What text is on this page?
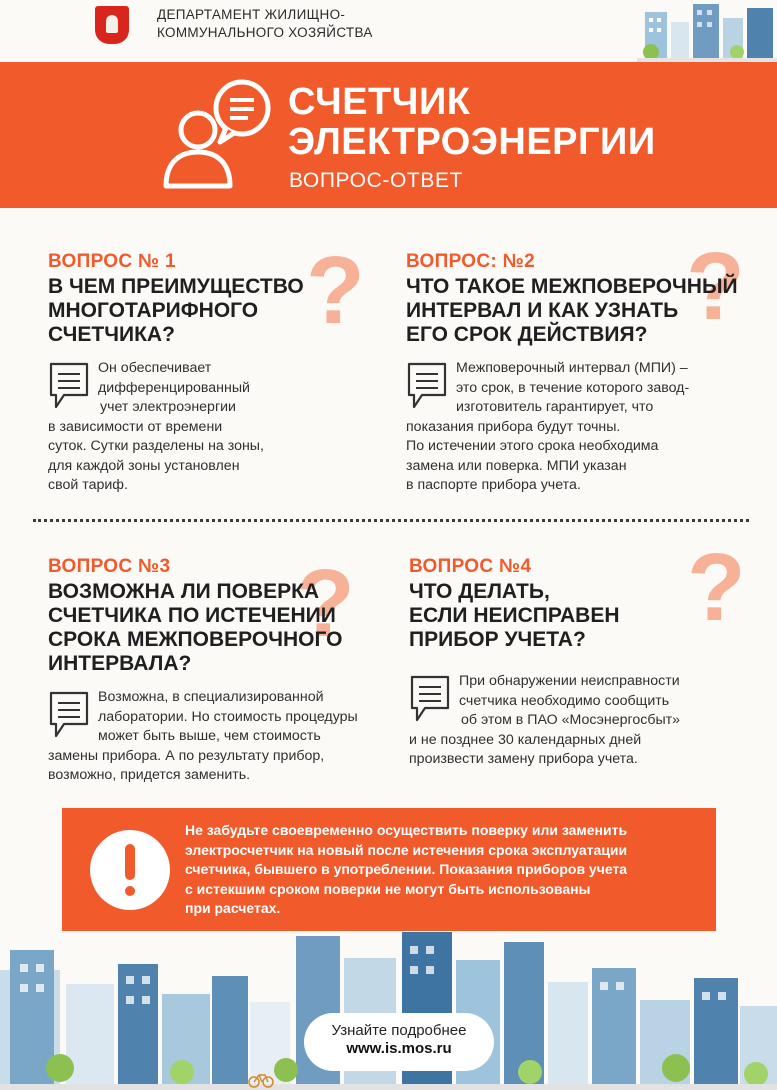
ДЕПАРТАМЕНТ ЖИЛИЩНО-
КОММУНАЛЬНОГО ХОЗЯЙСТВА
СЧЕТЧИК
ЭЛЕКТРОЭНЕРГИИ
ВОПРОС-ОТВЕТ
?
ВОПРОС № 1
В ЧЕМ ПРЕИМУЩЕСТВО
МНОГОТАРИФНОГО
СЧЕТЧИКА?
Он обеспечивает
дифференцированный
учет электроэнергии
в зависимости от времени
суток. Сутки разделены на зоны,
для каждой зоны установлен
свой тариф.
?
ВОПРОС: №2
ЧТО ТАКОЕ МЕЖПОВЕРОЧНЫЙ
ИНТЕРВАЛ И КАК УЗНАТЬ
ЕГО СРОК ДЕЙСТВИЯ?
Межповерочный интервал (МПИ) –
это срок, в течение которого завод-
изготовитель гарантирует, что
показания прибора будут точны.
По истечении этого срока необходима
замена или поверка. МПИ указан
в паспорте прибора учета.
?
ВОПРОС №3
ВОЗМОЖНА ЛИ ПОВЕРКА
СЧЕТЧИКА ПО ИСТЕЧЕНИИ
СРОКА МЕЖПОВЕРОЧНОГО
ИНТЕРВАЛА?
Возможна, в специализированной
лаборатории. Но стоимость процедуры
может быть выше, чем стоимость
замены прибора. А по результату прибор,
возможно, придется заменить.
?
ВОПРОС №4
ЧТО ДЕЛАТЬ,
ЕСЛИ НЕИСПРАВЕН
ПРИБОР УЧЕТА?
При обнаружении неисправности
счетчика необходимо сообщить
об этом в ПАО «Мосэнергосбыт»
и не позднее 30 календарных дней
произвести замену прибора учета.
Не забудьте своевременно осуществить поверку или заменить
электросчетчик на новый после истечения срока эксплуатации
счетчика, бывшего в употреблении. Показания приборов учета
с истекшим сроком поверки не могут быть использованы
при расчетах.
Узнайте подробнее
www.is.mos.ru
